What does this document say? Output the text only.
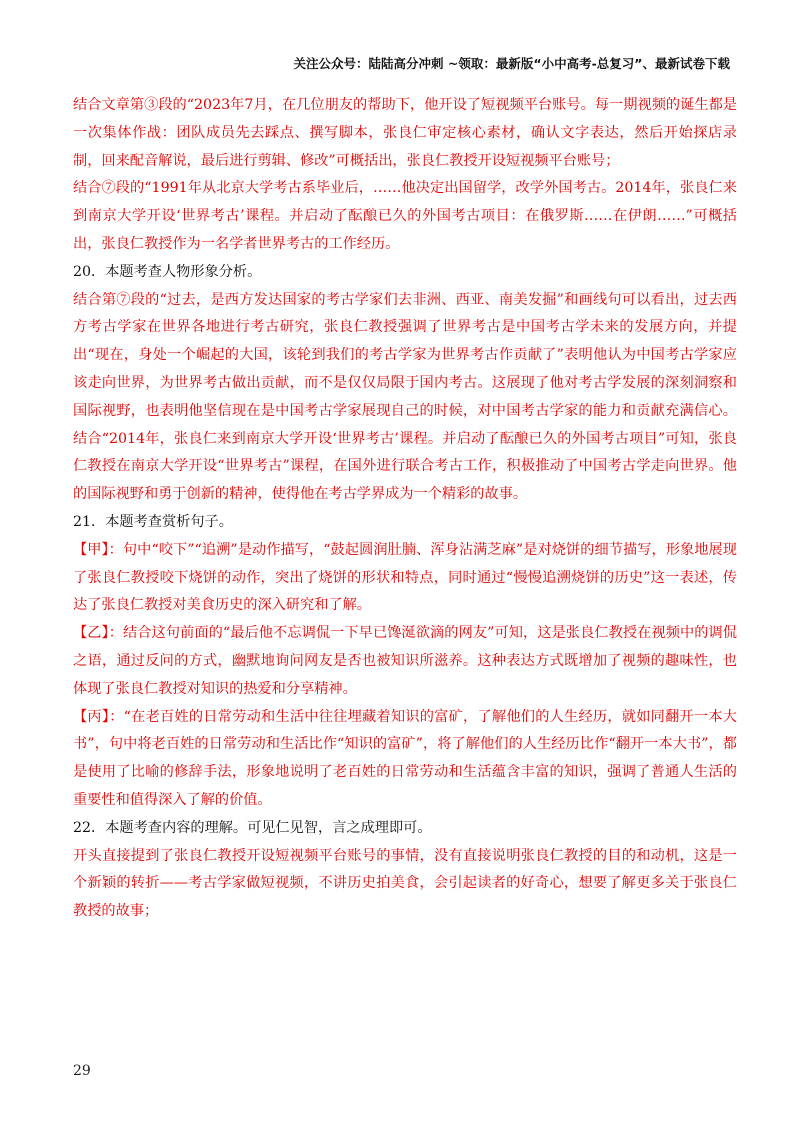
关注公众号：陆陆高分冲刺 ~领取：最新版“小中高考-总复习”、最新试卷下载

结合文章第③段的“2023年7月，在几位朋友的帮助下，他开设了短视频平台账号。每一期视频的诞生都是一次集体作战：团队成员先去踩点、撰写脚本，张良仁审定核心素材，确认文字表达，然后开始探店录制，回来配音解说，最后进行剪辑、修改”可概括出，张良仁教授开设短视频平台账号；

结合⑦段的“1991年从北京大学考古系毕业后，……他决定出国留学，改学外国考古。2014年，张良仁来到南京大学开设‘世界考古’课程。并启动了酝酿已久的外国考古项目：在俄罗斯……在伊朗……”可概括出，张良仁教授作为一名学者世界考古的工作经历。

20．本题考查人物形象分析。

结合第⑦段的“过去，是西方发达国家的考古学家们去非洲、西亚、南美发掘”和画线句可以看出，过去西方考古学家在世界各地进行考古研究，张良仁教授强调了世界考古是中国考古学未来的发展方向，并提出“现在，身处一个崛起的大国，该轮到我们的考古学家为世界考古作贡献了”表明他认为中国考古学家应该走向世界，为世界考古做出贡献，而不是仅仅局限于国内考古。这展现了他对考古学发展的深刻洞察和国际视野，也表明他坚信现在是中国考古学家展现自己的时候，对中国考古学家的能力和贡献充满信心。结合“2014年，张良仁来到南京大学开设‘世界考古’课程。并启动了酝酿已久的外国考古项目”可知，张良仁教授在南京大学开设“世界考古”课程，在国外进行联合考古工作，积极推动了中国考古学走向世界。他的国际视野和勇于创新的精神，使得他在考古学界成为一个精彩的故事。

21．本题考查赏析句子。

【甲】：句中“咬下”“追溯”是动作描写，“鼓起圆润肚腩、浑身沾满芝麻”是对烧饼的细节描写，形象地展现了张良仁教授咬下烧饼的动作，突出了烧饼的形状和特点，同时通过“慢慢追溯烧饼的历史”这一表述，传达了张良仁教授对美食历史的深入研究和了解。

【乙】：结合这句前面的“最后他不忘调侃一下早已馋涎欲滴的网友”可知，这是张良仁教授在视频中的调侃之语，通过反问的方式，幽默地询问网友是否也被知识所滋养。这种表达方式既增加了视频的趣味性，也体现了张良仁教授对知识的热爱和分享精神。

【丙】：“在老百姓的日常劳动和生活中往往埋藏着知识的富矿，了解他们的人生经历，就如同翻开一本大书”，句中将老百姓的日常劳动和生活比作“知识的富矿”，将了解他们的人生经历比作“翻开一本大书”，都是使用了比喻的修辞手法，形象地说明了老百姓的日常劳动和生活蕴含丰富的知识，强调了普通人生活的重要性和值得深入了解的价值。

22．本题考查内容的理解。可见仁见智，言之成理即可。

开头直接提到了张良仁教授开设短视频平台账号的事情，没有直接说明张良仁教授的目的和动机，这是一个新颖的转折——考古学家做短视频，不讲历史拍美食，会引起读者的好奇心，想要了解更多关于张良仁教授的故事；

29
